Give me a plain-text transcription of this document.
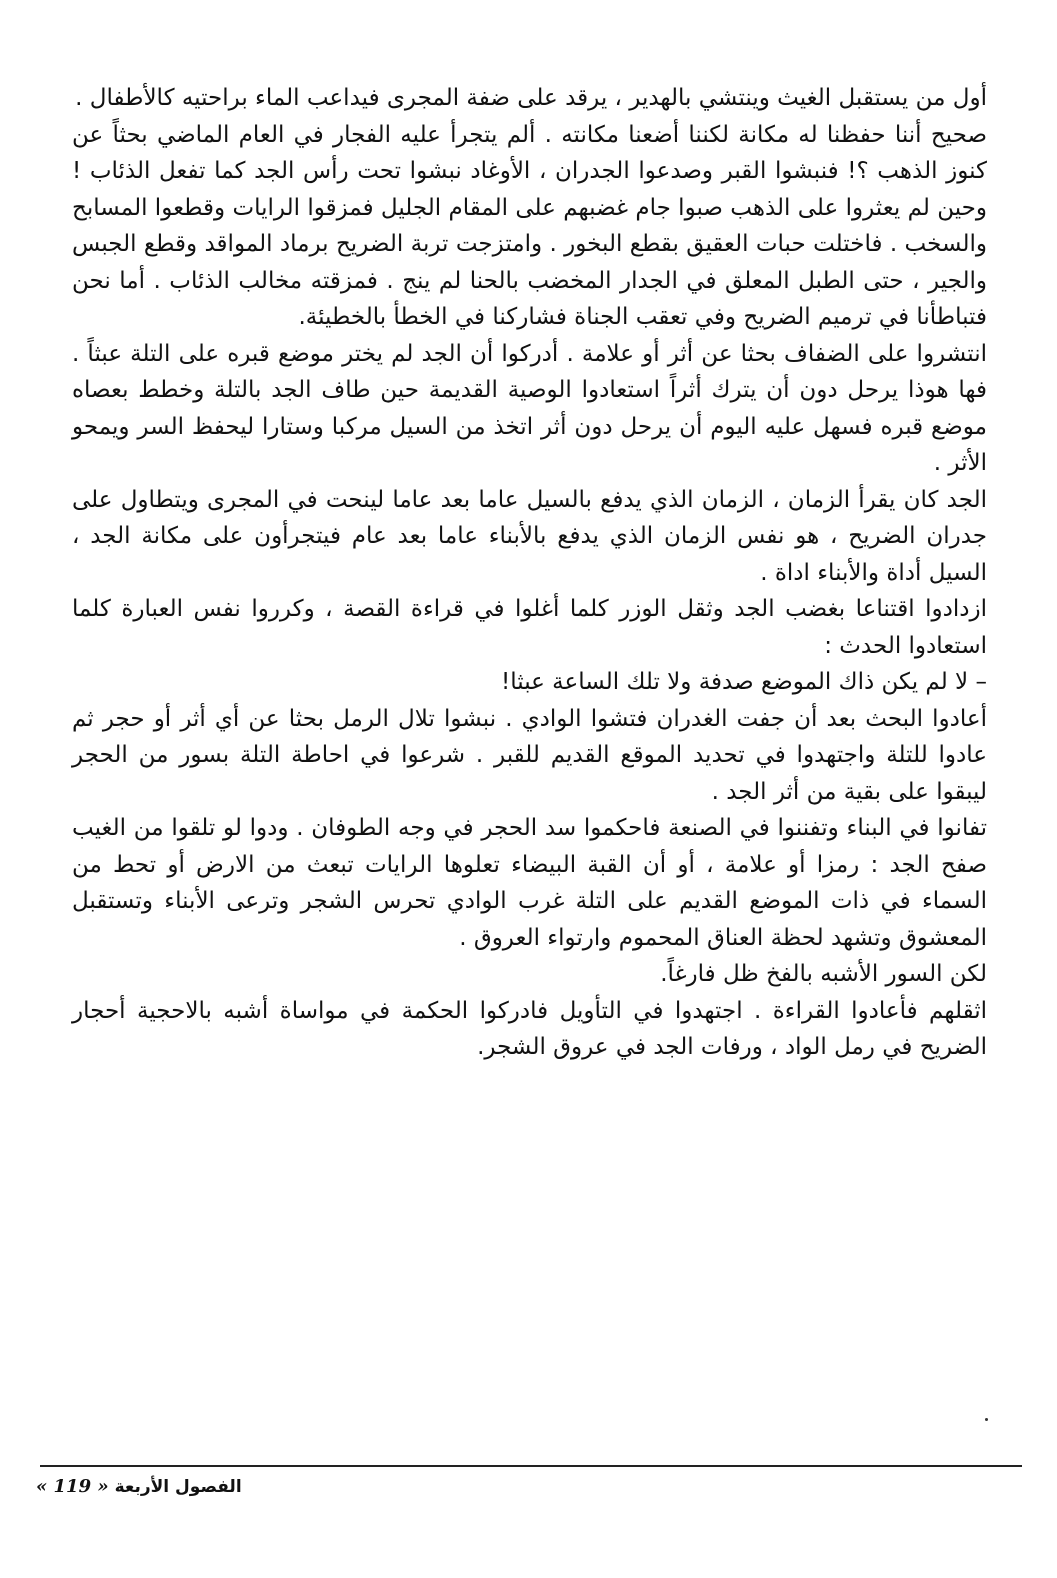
أول من يستقبل الغيث وينتشي بالهدير ، يرقد على ضفة المجرى فيداعب الماء براحتيه كالأطفال .

صحيح أننا حفظنا له مكانة لكننا أضعنا مكانته . ألم يتجرأ عليه الفجار في العام الماضي بحثاً عن كنوز الذهب ؟! فنبشوا القبر وصدعوا الجدران ، الأوغاد نبشوا تحت رأس الجد كما تفعل الذئاب ! وحين لم يعثروا على الذهب صبوا جام غضبهم على المقام الجليل فمزقوا الرايات وقطعوا المسابح والسخب . فاختلت حبات العقيق بقطع البخور . وامتزجت تربة الضريح برماد المواقد وقطع الجبس والجير ، حتى الطبل المعلق في الجدار المخضب بالحنا لم ينج . فمزقته مخالب الذئاب . أما نحن فتباطأنا في ترميم الضريح وفي تعقب الجناة فشاركنا في الخطأ بالخطيئة.

انتشروا على الضفاف بحثا عن أثر أو علامة . أدركوا أن الجد لم يختر موضع قبره على التلة عبثاً . فها هوذا يرحل دون أن يترك أثراً استعادوا الوصية القديمة حين طاف الجد بالتلة وخطط بعصاه موضع قبره فسهل عليه اليوم أن يرحل دون أثر اتخذ من السيل مركبا وستارا ليحفظ السر ويمحو الأثر .

الجد كان يقرأ الزمان ، الزمان الذي يدفع بالسيل عاما بعد عاما لينحت في المجرى ويتطاول على جدران الضريح ، هو نفس الزمان الذي يدفع بالأبناء عاما بعد عام فيتجرأون على مكانة الجد ، السيل أداة والأبناء اداة .

ازدادوا اقتناعا بغضب الجد وثقل الوزر كلما أغلوا في قراءة القصة ، وكرروا نفس العبارة كلما استعادوا الحدث :

– لا لم يكن ذاك الموضع صدفة ولا تلك الساعة عبثا!

أعادوا البحث بعد أن جفت الغدران فتشوا الوادي . نبشوا تلال الرمل بحثا عن أي أثر أو حجر ثم عادوا للتلة واجتهدوا في تحديد الموقع القديم للقبر . شرعوا في احاطة التلة بسور من الحجر ليبقوا على بقية من أثر الجد .

تفانوا في البناء وتفننوا في الصنعة فاحكموا سد الحجر في وجه الطوفان . ودوا لو تلقوا من الغيب صفح الجد : رمزا أو علامة ، أو أن القبة البيضاء تعلوها الرايات تبعث من الارض أو تحط من السماء في ذات الموضع القديم على التلة غرب الوادي تحرس الشجر وترعى الأبناء وتستقبل المعشوق وتشهد لحظة العناق المحموم وارتواء العروق .

لكن السور الأشبه بالفخ ظل فارغاً.

اثقلهم فأعادوا القراءة . اجتهدوا في التأويل فادركوا الحكمة في مواساة أشبه بالاحجية أحجار الضريح في رمل الواد ، ورفات الجد في عروق الشجر.

الفصول الأربعة « 119 »
